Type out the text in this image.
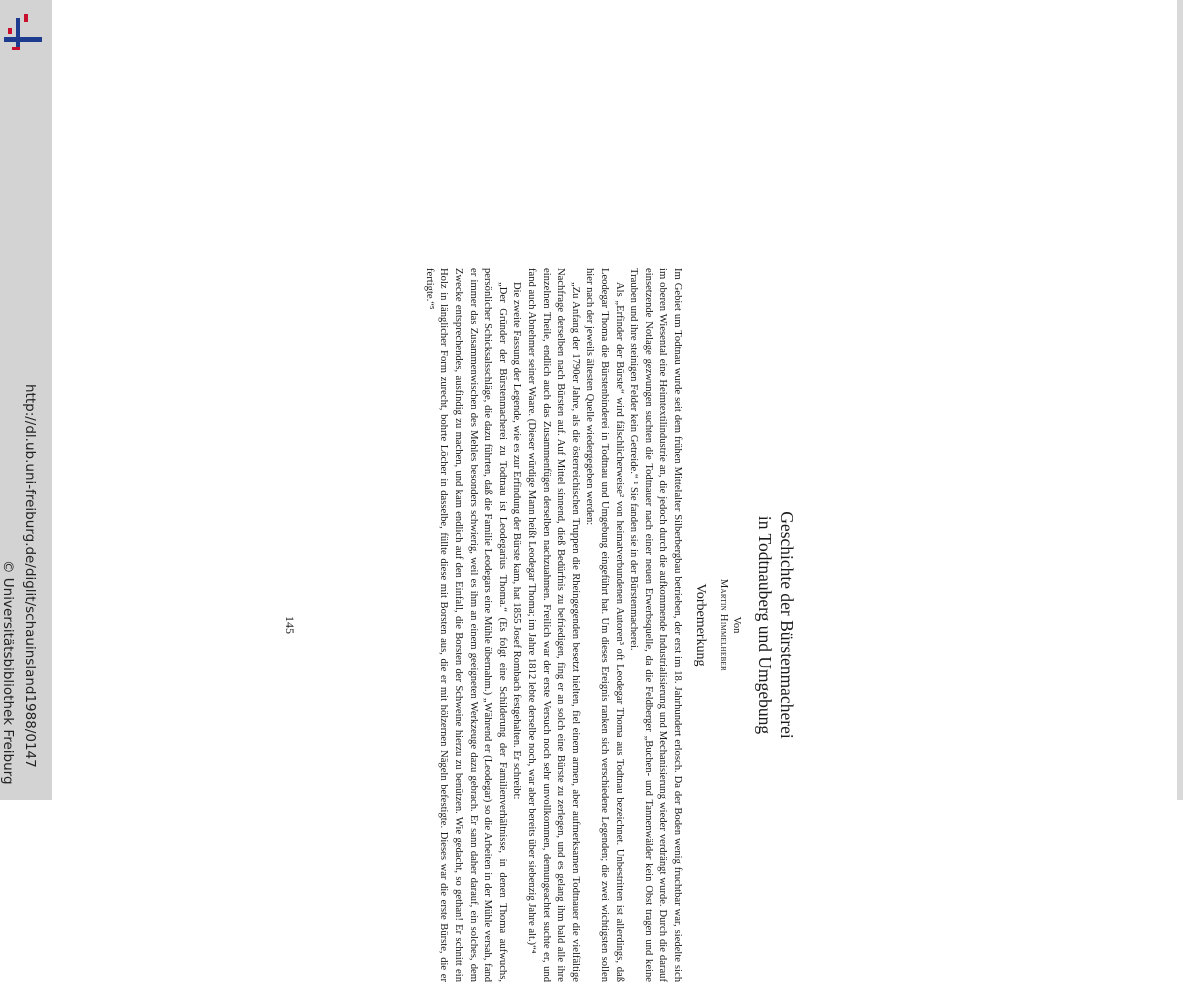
http://dl.ub.uni-freiburg.de/diglit/schauinsland1988/0147
© Universitätsbibliothek Freiburg	Geschichte der Bürstenmacherei

in Todtnauberg und Umgebung

Von
Martin Himmelheber
Vorbemerkung

Im Gebiet um Todtnau wurde seit dem frühen Mittelalter Silberbergbau betrieben, der erst im 18. Jahrhundert erlosch. Da der Boden wenig fruchtbar war, siedelte sich im oberen Wiesental eine Heimtextilindustrie an, die jedoch durch die aufkommende Industrialisierung und Mechanisierung wieder verdrängt wurde. Durch die darauf einsetzende Notlage gezwungen suchten die Todtnauer nach einer neuen Erwerbsquelle, da die Feldberger „Buchen- und Tannenwälder kein Obst tragen und keine Trauben und ihre steinigen Felder kein Getreide.“ ¹ Sie fanden sie in der Bürstenmacherei.

Als „Erfinder der Bürste“ wird fälschlicherweise² von heimatverbundenen Autoren³ oft Leodegar Thoma aus Todtnau bezeichnet. Unbestritten ist allerdings, daß Leodegar Thoma die Bürstenbinderei in Todtnau und Umgebung eingeführt hat. Um dieses Ereignis ranken sich verschiedene Legenden; die zwei wichtigsten sollen hier nach der jeweils ältesten Quelle wiedergegeben werden:

„Zu Anfang der 1790er Jahre, als die österreichischen Truppen die Rheingegenden besetzt hielten, fiel einem armen, aber aufmerksamen Todtnauer die vielfältige Nachfrage derselben nach Bürsten auf. Auf Mittel sinnend, dieß Bedürfnis zu befriedigen, fing er an solch eine Bürste zu zerlegen, und es gelang ihm bald alle ihre einzelnen Theile, endlich auch das Zusammenfügen derselben nachzuahmen. Freilich war der erste Versuch noch sehr unvollkommen, demungeachtet suchte er, und fand auch Abnehmer seiner Waare. (Dieser würdige Mann heißt Leodegar Thoma; im Jahre 1812 lebte derselbe noch, war aber bereits über siebenzig Jahre alt.)“⁴

Die zweite Fassung der Legende, wie es zur Erfindung der Bürste kam, hat 1855 Josef Rombach festgehalten. Er schreibt:

„Der Gründer der Bürstenmacherei zu Todtnau ist Leodegarius Thoma.“ (Es folgt eine Schilderung der Familienverhältnisse, in denen Thoma aufwuchs, persönlicher Schicksalsschläge, die dazu führten, daß die Familie Leodegars eine Mühle übernahm.) „Während er (Leodegar) so die Arbeiten in der Mühle versah, fand er immer das Zusammenwischen des Mehles besonders schwierig, weil es ihm an einem geeigneten Werkzeuge dazu gebrach. Er sann daher darauf, ein solches, dem Zwecke entsprechendes, ausfindig zu machen, und kam endlich auf den Einfall, die Borsten der Schweine hierzu zu benützen. Wie gedacht, so gethan! Er schnitt ein Holz in länglicher Form zurecht, bohrte Löcher in dasselbe, füllte diese mit Borsten aus, die er mit hölzernen Nägeln befestigte. Dieses war die erste Bürste, die er fertigte.“⁵

145
